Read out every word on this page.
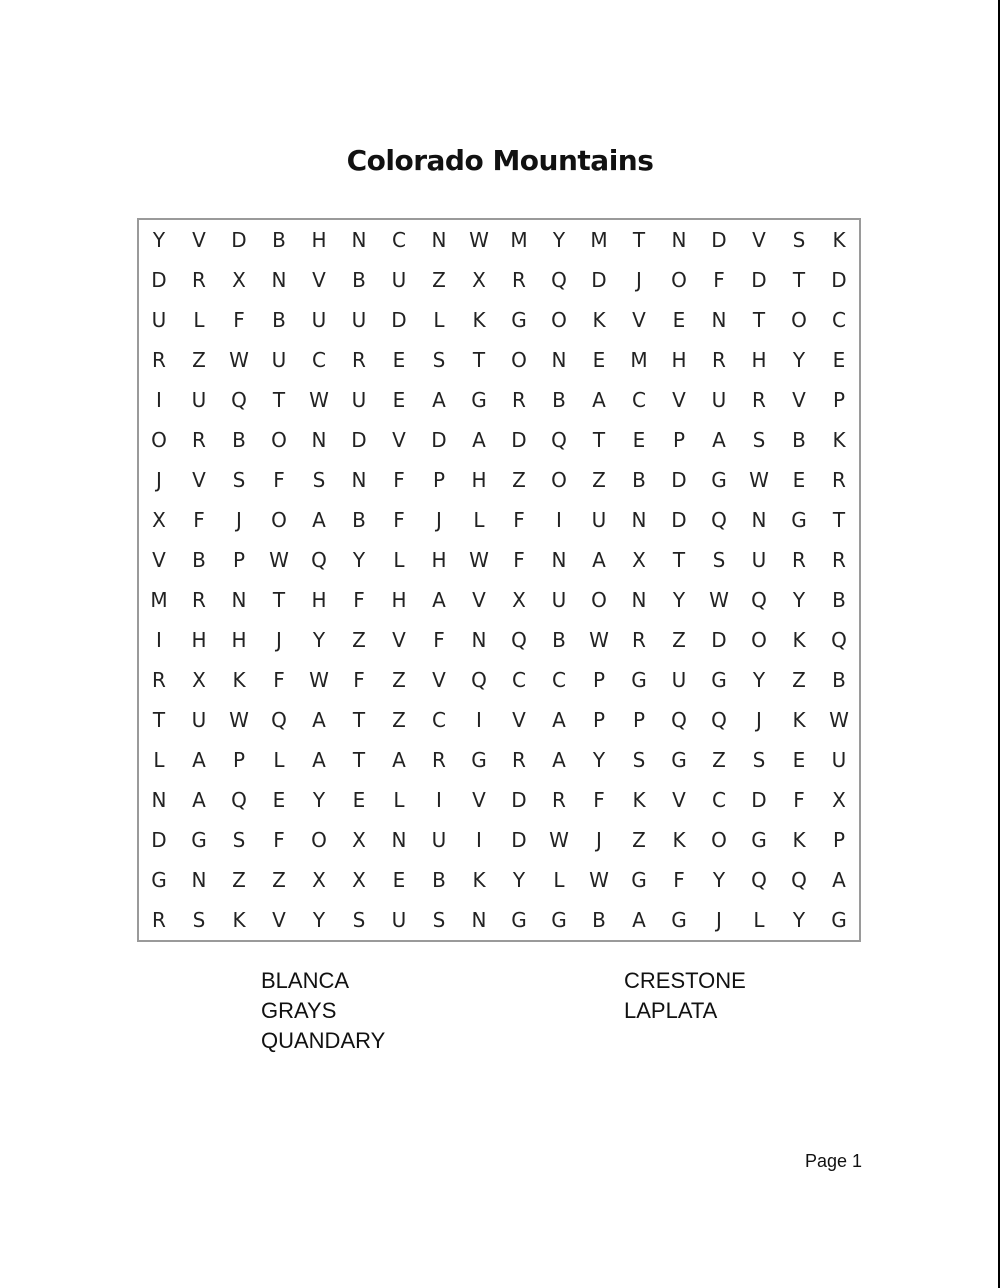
Colorado Mountains
Y	V	D	B	H	N	C	N	W	M	Y	M	T	N	D	V	S	K
D	R	X	N	V	B	U	Z	X	R	Q	D	J	O	F	D	T	D
U	L	F	B	U	U	D	L	K	G	O	K	V	E	N	T	O	C
R	Z	W	U	C	R	E	S	T	O	N	E	M	H	R	H	Y	E
I	U	Q	T	W	U	E	A	G	R	B	A	C	V	U	R	V	P
O	R	B	O	N	D	V	D	A	D	Q	T	E	P	A	S	B	K
J	V	S	F	S	N	F	P	H	Z	O	Z	B	D	G	W	E	R
X	F	J	O	A	B	F	J	L	F	I	U	N	D	Q	N	G	T
V	B	P	W	Q	Y	L	H	W	F	N	A	X	T	S	U	R	R
M	R	N	T	H	F	H	A	V	X	U	O	N	Y	W	Q	Y	B
I	H	H	J	Y	Z	V	F	N	Q	B	W	R	Z	D	O	K	Q
R	X	K	F	W	F	Z	V	Q	C	C	P	G	U	G	Y	Z	B
T	U	W	Q	A	T	Z	C	I	V	A	P	P	Q	Q	J	K	W
L	A	P	L	A	T	A	R	G	R	A	Y	S	G	Z	S	E	U
N	A	Q	E	Y	E	L	I	V	D	R	F	K	V	C	D	F	X
D	G	S	F	O	X	N	U	I	D	W	J	Z	K	O	G	K	P
G	N	Z	Z	X	X	E	B	K	Y	L	W	G	F	Y	Q	Q	A
R	S	K	V	Y	S	U	S	N	G	G	B	A	G	J	L	Y	G
BLANCA	CRESTONE
GRAYS	LAPLATA
QUANDARY
Page 1
